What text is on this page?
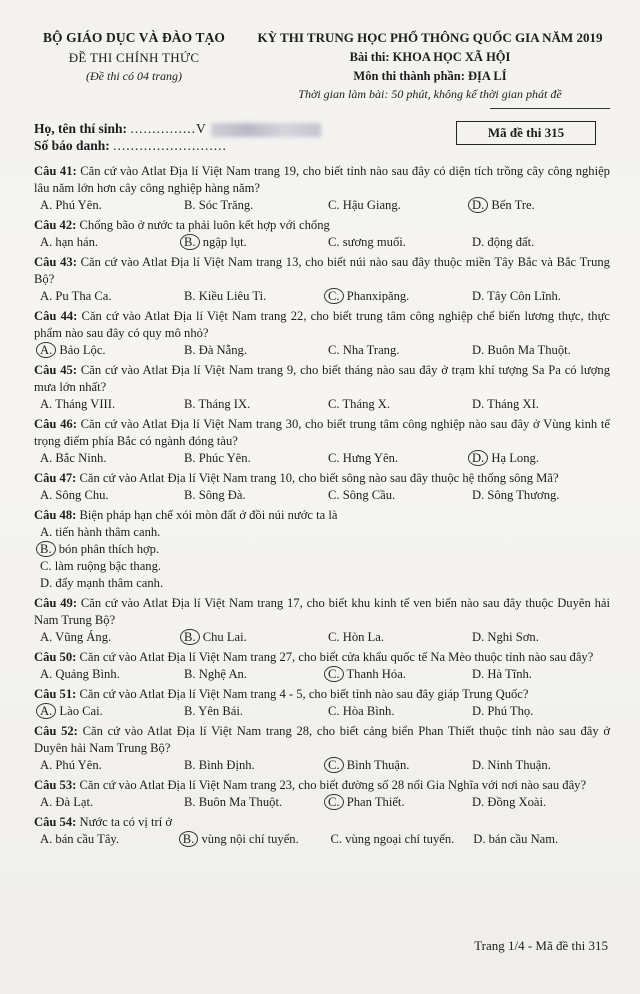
BỘ GIÁO DỤC VÀ ĐÀO TẠO
ĐỀ THI CHÍNH THỨC
(Đề thi có 04 trang)
KỲ THI TRUNG HỌC PHỔ THÔNG QUỐC GIA NĂM 2019
Bài thi: KHOA HỌC XÃ HỘI
Môn thi thành phần: ĐỊA LÍ
Thời gian làm bài: 50 phút, không kể thời gian phát đề
Họ, tên thí sinh: ...............V
Số báo danh: ..........................
Mã đề thi 315
Câu 41: Căn cứ vào Atlat Địa lí Việt Nam trang 19, cho biết tỉnh nào sau đây có diện tích trồng cây công nghiệp lâu năm lớn hơn cây công nghiệp hàng năm?
A. Phú Yên.	B. Sóc Trăng.	C. Hậu Giang.	D. Bến Tre.
Câu 42: Chống bão ở nước ta phải luôn kết hợp với chống
A. hạn hán.	B. ngập lụt.	C. sương muối.	D. động đất.
Câu 43: Căn cứ vào Atlat Địa lí Việt Nam trang 13, cho biết núi nào sau đây thuộc miền Tây Bắc và Bắc Trung Bộ?
A. Pu Tha Ca.	B. Kiều Liêu Ti.	C. Phanxipăng.	D. Tây Côn Lĩnh.
Câu 44: Căn cứ vào Atlat Địa lí Việt Nam trang 22, cho biết trung tâm công nghiệp chế biến lương thực, thực phẩm nào sau đây có quy mô nhỏ?
A. Bảo Lộc.	B. Đà Nẵng.	C. Nha Trang.	D. Buôn Ma Thuột.
Câu 45: Căn cứ vào Atlat Địa lí Việt Nam trang 9, cho biết tháng nào sau đây ở trạm khí tượng Sa Pa có lượng mưa lớn nhất?
A. Tháng VIII.	B. Tháng IX.	C. Tháng X.	D. Tháng XI.
Câu 46: Căn cứ vào Atlat Địa lí Việt Nam trang 30, cho biết trung tâm công nghiệp nào sau đây ở Vùng kinh tế trọng điểm phía Bắc có ngành đóng tàu?
A. Bắc Ninh.	B. Phúc Yên.	C. Hưng Yên.	D. Hạ Long.
Câu 47: Căn cứ vào Atlat Địa lí Việt Nam trang 10, cho biết sông nào sau đây thuộc hệ thống sông Mã?
A. Sông Chu.	B. Sông Đà.	C. Sông Cầu.	D. Sông Thương.
Câu 48: Biện pháp hạn chế xói mòn đất ở đồi núi nước ta là
A. tiến hành thâm canh.
B. bón phân thích hợp.
C. làm ruộng bậc thang.
D. đẩy mạnh thâm canh.
Câu 49: Căn cứ vào Atlat Địa lí Việt Nam trang 17, cho biết khu kinh tế ven biển nào sau đây thuộc Duyên hải Nam Trung Bộ?
A. Vũng Áng.	B. Chu Lai.	C. Hòn La.	D. Nghi Sơn.
Câu 50: Căn cứ vào Atlat Địa lí Việt Nam trang 27, cho biết cửa khẩu quốc tế Na Mèo thuộc tỉnh nào sau đây?
A. Quảng Bình.	B. Nghệ An.	C. Thanh Hóa.	D. Hà Tĩnh.
Câu 51: Căn cứ vào Atlat Địa lí Việt Nam trang 4 - 5, cho biết tỉnh nào sau đây giáp Trung Quốc?
A. Lào Cai.	B. Yên Bái.	C. Hòa Bình.	D. Phú Thọ.
Câu 52: Căn cứ vào Atlat Địa lí Việt Nam trang 28, cho biết cảng biển Phan Thiết thuộc tỉnh nào sau đây ở Duyên hải Nam Trung Bộ?
A. Phú Yên.	B. Bình Định.	C. Bình Thuận.	D. Ninh Thuận.
Câu 53: Căn cứ vào Atlat Địa lí Việt Nam trang 23, cho biết đường số 28 nối Gia Nghĩa với nơi nào sau đây?
A. Đà Lạt.	B. Buôn Ma Thuột.	C. Phan Thiết.	D. Đồng Xoài.
Câu 54: Nước ta có vị trí ở
A. bán cầu Tây.	B. vùng nội chí tuyến.	C. vùng ngoại chí tuyến.	D. bán cầu Nam.
Trang 1/4 - Mã đề thi 315
